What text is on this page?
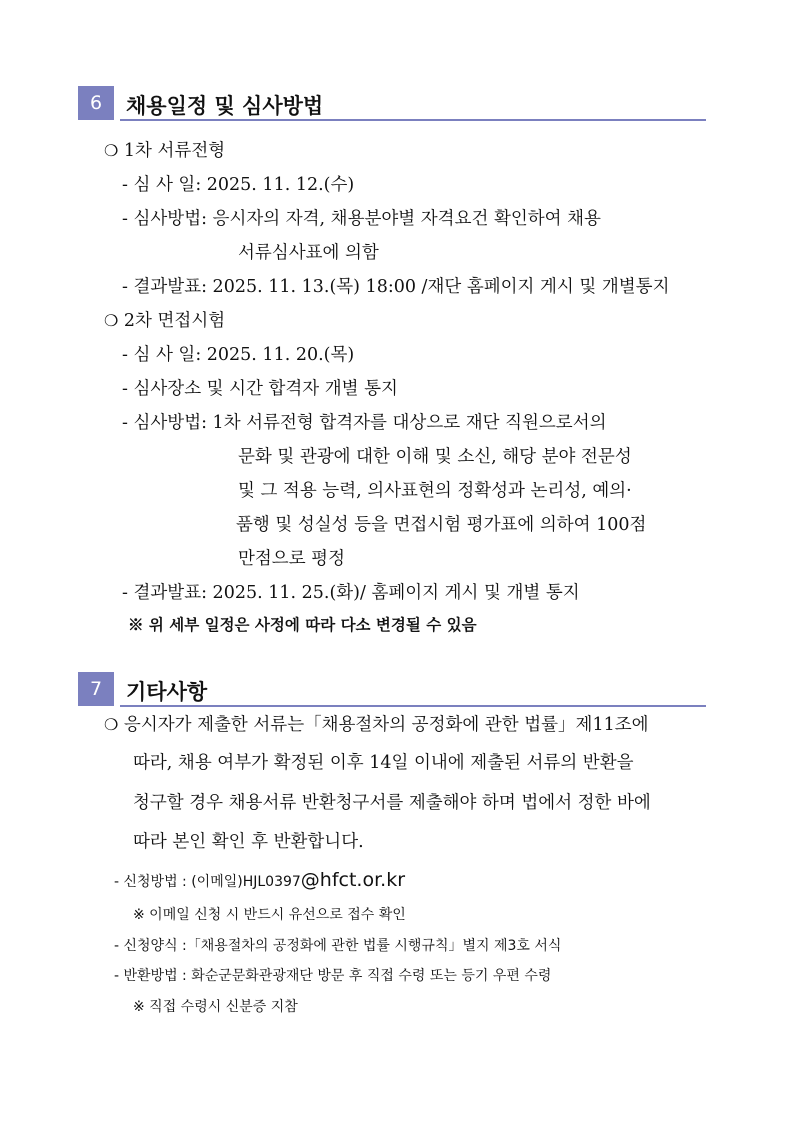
6	채용일정 및 심사방법
❍ 1차 서류전형
- 심 사 일: 2025. 11. 12.(수)
- 심사방법: 응시자의 자격, 채용분야별 자격요건 확인하여 채용
서류심사표에 의함
- 결과발표: 2025. 11. 13.(목) 18:00 /재단 홈페이지 게시 및 개별통지
❍ 2차 면접시험
- 심 사 일: 2025. 11. 20.(목)
- 심사장소 및 시간 합격자 개별 통지
- 심사방법: 1차 서류전형 합격자를 대상으로 재단 직원으로서의
문화 및 관광에 대한 이해 및 소신, 해당 분야 전문성
및 그 적용 능력, 의사표현의 정확성과 논리성, 예의·
품행 및 성실성 등을 면접시험 평가표에 의하여 100점
만점으로 평정
- 결과발표: 2025. 11. 25.(화)/ 홈페이지 게시 및 개별 통지
※ 위 세부 일정은 사정에 따라 다소 변경될 수 있음
7	기타사항
❍ 응시자가 제출한 서류는「채용절차의 공정화에 관한 법률」제11조에
따라, 채용 여부가 확정된 이후 14일 이내에 제출된 서류의 반환을
청구할 경우 채용서류 반환청구서를 제출해야 하며 법에서 정한 바에
따라 본인 확인 후 반환합니다.
- 신청방법 : (이메일)HJL0397@hfct.or.kr
※ 이메일 신청 시 반드시 유선으로 접수 확인
- 신청양식 :「채용절차의 공정화에 관한 법률 시행규칙」별지 제3호 서식
- 반환방법 : 화순군문화관광재단 방문 후 직접 수령 또는 등기 우편 수령
※ 직접 수령시 신분증 지참
